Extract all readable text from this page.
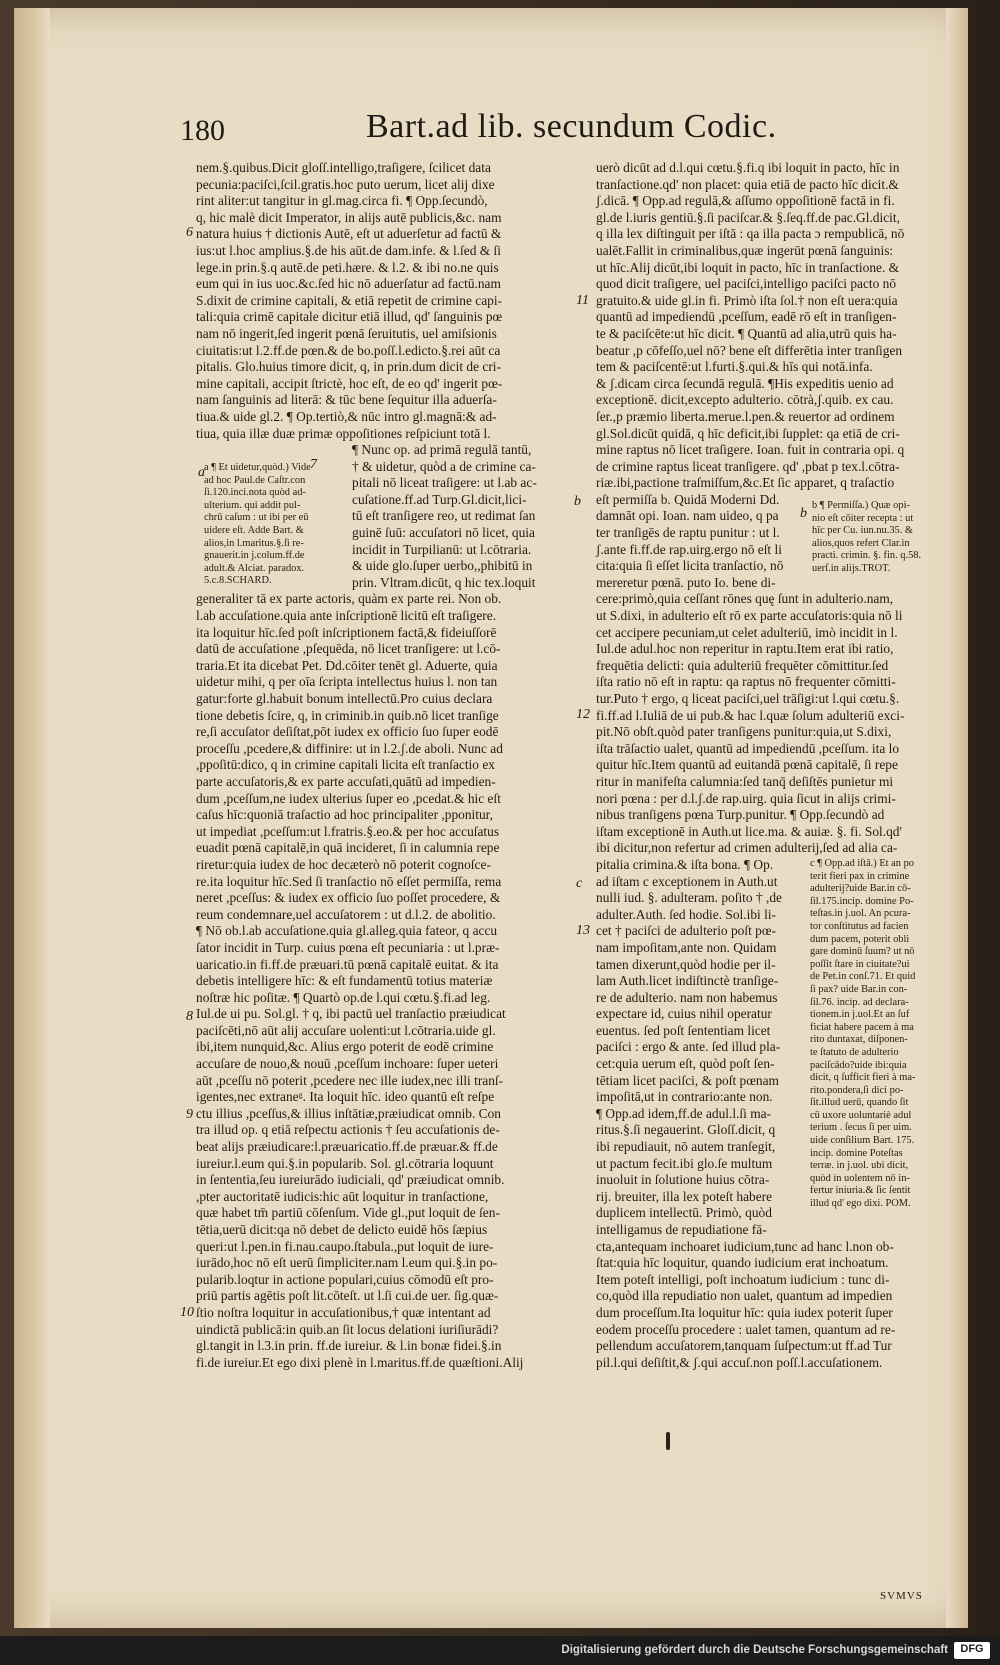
180	Bart.ad lib. secundum Codic.

nem.§.quibus.Dicit gloſſ.intelligo,traſigere, ſcilicet data

pecunia:paciſci,ſcil.gratis.hoc puto uerum, licet alij dixe

rint aliter:ut tangitur in gl.mag.circa fi. ¶ Opp.ſecundò,

q, hic malè dicit Imperator, in alijs autē publicis,&c. nam

natura huius † dictionis Autē, eſt ut aduerſetur ad factū &

ius:ut l.hoc amplius.§.de his aūt.de dam.infe. & l.ſed & ſi

lege.in prin.§.q autē.de peti.hære. & l.2. & ibi no.ne quis

eum qui in ius uoc.&c.ſed hic nō aduerſatur ad factū.nam

S.dixit de crimine capitali, & etiā repetit de crimine capi-

tali:quia crimē capitale dicitur etiā illud, qd' ſanguinis pœ

nam nō ingerit,ſed ingerit pœnā ſeruitutis, uel amiſsionis

ciuitatis:ut l.2.ff.de pœn.& de bo.poſſ.l.edicto.§.rei aūt ca

pitalis. Glo.huius timore dicit, q, in prin.dum dicit de cri-

mine capitali, accipit ſtrictè, hoc eſt, de eo qd' ingerit pœ-

nam ſanguinis ad literā: & tūc bene ſequitur illa aduerſa-

tiua.& uide gl.2. ¶ Op.tertiò,& nūc intro gl.magnā:& ad-

tiua, quia illæ duæ primæ oppoſitiones reſpiciunt totā l.

¶ Nunc op. ad primā regulā tantū,

† & uidetur, quòd a de crimine ca-

pitali nō liceat traſigere: ut l.ab ac-

cuſatione.ff.ad Turp.Gl.dicit,lici-

tū eſt tranſigere reo, ut redimat ſan

guinē ſuū: accuſatori nō licet, quia

incidit in Turpilianū: ut l.cōtraria.

& uide glo.ſuper uerbo,,phibitū in

prin. Vltram.dicūt, q hic tex.loquit

generaliter tā ex parte actoris, quàm ex parte rei. Non ob.

l.ab accuſatione.quia ante inſcriptionē licitū eſt traſigere.

ita loquitur hīc.ſed poſt inſcriptionem factā,& fideiuſſorē

datū de accuſatione ,pſequēda, nō licet tranſigere: ut l.cō-

traria.Et ita dicebat Pet. Dd.cōiter tenēt gl. Aduerte, quia

uidetur mihi, q per oīa ſcripta intellectus huius l. non tan

gatur:forte gl.habuit bonum intellectū.Pro cuius declara

tione debetis ſcire, q, in criminib.in quib.nō licet tranſige

re,ſi accuſator deſiſtat,pōt iudex ex officio ſuo ſuper eodē

proceſſu ,pcedere,& diffinire: ut in l.2.ʃ.de aboli. Nunc ad

,ppoſitū:dico, q in crimine capitali licita eſt tranſactio ex

parte accuſatoris,& ex parte accuſati,quātū ad impedien-

dum ,pceſſum,ne iudex ulterius ſuper eo ,pcedat.& hic eſt

caſus hīc:quoniā traſactio ad hoc principaliter ,pponitur,

ut impediat ,pceſſum:ut l.fratris.§.eo.& per hoc accuſatus

euadit pœnā capitalē,in quā incideret, ſi in calumnia repe

riretur:quia iudex de hoc decæterò nō poterit cognoſce-

re.ita loquitur hīc.Sed ſi tranſactio nō eſſet permiſſa, rema

neret ,pceſſus: & iudex ex officio ſuo poſſet procedere, &

reum condemnare,uel accuſatorem : ut d.l.2. de abolitio.

¶ Nō ob.l.ab accuſatione.quia gl.alleg.quia fateor, q accu

ſator incidit in Turp. cuius pœna eſt pecuniaria : ut l.præ-

uaricatio.in fi.ff.de præuari.tū pœnā capitalē euitat. & ita

debetis intelligere hīc: & eſt fundamentū totius materiæ

noſtræ hic poſitæ. ¶ Quartò op.de l.qui cœtu.§.fi.ad leg.

Iul.de ui pu. Sol.gl. † q, ibi pactū uel tranſactio præiudicat

paciſcēti,nō aūt alij accuſare uolenti:ut l.cōtraria.uide gl.

ibi,item nunquid,&c. Alius ergo poterit de eodē crimine

accuſare de nouo,& nouū ,pceſſum inchoare: ſuper ueteri

aūt ,pceſſu nō poterit ,pcedere nec ille iudex,nec illi tranſ-

igentes,nec extraneᵍ. Ita loquit hīc. ideo quantū eſt reſpe

ctu illius ,pceſſus,& illius inſtātiæ,præiudicat omnib. Con

tra illud op. q etiā reſpectu actionis † ſeu accuſationis de-

beat alijs præiudicare:l.præuaricatio.ff.de præuar.& ff.de

iureiur.l.eum qui.§.in popularib. Sol. gl.cōtraria loquunt

in ſententia,ſeu iureiurādo iudiciali, qd' præiudicat omnib.

,pter auctoritatē iudicis:hic aūt loquitur in tranſactione,

quæ habet tm̄ partiū cōſenſum. Vide gl.,put loquit de ſen-

tētia,uerū dicit:qa nō debet de delicto euidē hōs ſæpius

queri:ut l.pen.in fi.nau.caupo.ſtabula.,put loquit de iure-

iurādo,hoc nō eſt uerū ſimpliciter.nam l.eum qui.§.in po-

pularib.loqtur in actione populari,cuius cōmodū eſt pro-

priū partis agētis poſt lit.cōteſt. ut l.ſi cui.de uer. ſig.quæ-

ſtio noſtra loquitur in accuſationibus,† quæ intentant ad

uindictā publicā:in quib.an ſit locus delationi iuriſiurādi?

gl.tangit in l.3.in prin. ff.de iureiur. & l.in bonæ fidei.§.in

fi.de iureiur.Et ego dixi plenè in l.maritus.ff.de quæſtioni.Alij

uerò dicūt ad d.l.qui cœtu.§.fi.q ibi loquit in pacto, hīc in

tranſactione.qd' non placet: quia etiā de pacto hīc dicit.&

ʃ.dicā. ¶ Opp.ad regulā,& aſſumo oppoſitionē factā in fi.

gl.de l.iuris gentiū.§.ſi paciſcar.& §.ſeq.ff.de pac.Gl.dicit,

q illa lex diſtinguit per iſtā : qa illa pacta ɔ rempublicā, nō

ualēt.Fallit in criminalibus,quæ ingerūt pœnā ſanguinis:

ut hīc.Alij dicūt,ibi loquit in pacto, hīc in tranſactione. &

quod dicit traſigere, uel paciſci,intelligo paciſci pacto nō

gratuito.& uide gl.in fi. Primò iſta ſol.† non eſt uera:quia

quantū ad impediendū ,pceſſum, eadē rō eſt in tranſigen-

te & paciſcēte:ut hīc dicit. ¶ Quantū ad alia,utrū quis ha-

beatur ,p cōfeſſo,uel nō? bene eſt differētia inter tranſigen

tem & paciſcentē:ut l.furti.§.qui.& hīs qui notā.infa.

& ʃ.dicam circa ſecundā regulā. ¶His expeditis uenio ad

exceptionē. dicit,excepto adulterio. cōtrà,ʃ.quib. ex cau.

ſer.,p præmio liberta.merue.l.pen.& reuertor ad ordinem

gl.Sol.dicūt quidā, q hīc deficit,ibi ſupplet: qa etiā de cri-

mine raptus nō licet traſigere. Ioan. fuit in contraria opi. q

de crimine raptus liceat tranſigere. qd' ,pbat p tex.l.cōtra-

riæ.ibi,pactione traſmiſſum,&c.Et ſic apparet, q traſactio

eſt permiſſa b. Quidā Moderni Dd.

damnāt opi. Ioan. nam uideo, q pa

ter tranſigēs de raptu punitur : ut l.

ʃ.ante fi.ff.de rap.uirg.ergo nō eſt li

cita:quia ſi eſſet licita tranſactio, nō

mereretur pœnā. puto Io. bene di-

cere:primò,quia ceſſant rōnes quę ſunt in adulterio.nam,

ut S.dixi, in adulterio eſt rō ex parte accuſatoris:quia nō li

cet accipere pecuniam,ut celet adulteriū, imò incidit in l.

Iul.de adul.hoc non reperitur in raptu.Item erat ibi ratio,

frequētia delicti: quia adulteriū frequēter cōmittitur.ſed

iſta ratio nō eſt in raptu: qa raptus nō frequenter cōmitti-

tur.Puto † ergo, q liceat paciſci,uel trāſigi:ut l.qui cœtu.§.

fi.ff.ad l.Iuliā de ui pub.& hac l.quæ ſolum adulteriū exci-

pit.Nō obſt.quòd pater tranſigens punitur:quia,ut S.dixi,

iſta trāſactio ualet, quantū ad impediendū ,pceſſum. ita lo

quitur hīc.Item quantū ad euitandā pœnā capitalē, ſi repe

ritur in manifeſta calumnia:ſed tanq̄ deſiſtēs punietur mi

nori pœna : per d.l.ʃ.de rap.uirg. quia ſicut in alijs crimi-

nibus tranſigens pœna Turp.punitur. ¶ Opp.ſecundò ad

iſtam exceptionē in Auth.ut lice.ma. & auiæ. §. fi. Sol.qd'

ibi dicitur,non refertur ad crimen adulterij,ſed ad alia ca-

pitalia crimina.& iſta bona. ¶ Op.

ad iſtam c exceptionem in Auth.ut

nulli iud. §. adulteram. poſito † ,de

adulter.Auth. ſed hodie. Sol.ibi li-

cet † paciſci de adulterio poſt pœ-

nam impoſitam,ante non. Quidam

tamen dixerunt,quòd hodie per il-

lam Auth.licet indiſtinctè tranſige-

re de adulterio. nam non habemus

expectare id, cuius nihil operatur

euentus. ſed poſt ſententiam licet

paciſci : ergo & ante. ſed illud pla-

cet:quia uerum eſt, quòd poſt ſen-

tētiam licet paciſci, & poſt pœnam

impoſitā,ut in contrario:ante non.

¶ Opp.ad idem,ff.de adul.l.ſi ma-

ritus.§.ſi negauerint. Gloſſ.dicit, q

ibi repudiauit, nō autem tranſegit,

ut pactum fecit.ibi glo.ſe multum

inuoluit in ſolutione huius cōtra-

rij. breuiter, illa lex poteſt habere

duplicem intellectū. Primò, quòd

intelligamus de repudiatione fā-

cta,antequam inchoaret iudicium,tunc ad hanc l.non ob-

ſtat:quia hīc loquitur, quando iudicium erat inchoatum.

Item poteſt intelligi, poſt inchoatum iudicium : tunc di-

co,quòd illa repudiatio non ualet, quantum ad impedien

dum proceſſum.Ita loquitur hīc: quia iudex poterit ſuper

eodem proceſſu procedere : ualet tamen, quantum ad re-

pellendum accuſatorem,tanquam ſuſpectum:ut ff.ad Tur

pil.l.qui deſiſtit,& ʃ.qui accuſ.non poſſ.l.accuſationem.

6
7
8
9
10
11
12
13
a
b
b
c

a ¶ Et uidetur,quòd.) Vide

ad hoc Paul.de Caſtr.con

ſi.120.inci.nota quòd ad-

ulterium. qui addit pul-

chrū caſum : ut ibi per eū

uidere eſt. Adde Bart. &

alios,in l.maritus.§.ſi re-

gnauerit.in j.colum.ff.de

adult.& Alciat. paradox.

5.c.8.SCHARD.

b ¶ Permiſſa.) Quæ opi-

nio eſt cōiter recepta : ut

hīc per Cu. iun.nu.35. &

alios,quos refert Clar.in

practi. crimin. §. fin. q.58.

uerſ.in alijs.TROT.

c ¶ Opp.ad iſtā.) Et an po

terit fieri pax in crimine

adulterij?uide Bar.in cō-

ſil.175.incip. domine Po-

teſtas.in j.uol. An pcura-

tor conſtitutus ad facien

dum pacem, poterit obli

gare dominū ſuum? ut nō

poſſit ſtare in ciuitate?ui

de Pet.in conſ.71. Et quid

ſi pax? uide Bar.in con-

ſil.76. incip. ad declara-

tionem.in j.uol.Et an ſuf

ficiat habere pacem à ma

rito duntaxat, diſponen-

te ſtatuto de adulterio

paciſcādo?uide ibi:quia

dicit, q ſufficit fieri à ma-

rito.pondera,ſi dici po-

ſit.illud uerū, quando ſit

cū uxore uoluntariè adul

terium . ſecus ſi per uim.

uide conſilium Bart. 175.

incip. domine Poteſtas

terræ. in j.uol. ubi dicit,

quòd in uolentem nō in-

fertur iniuria.& ſic ſentit

illud qd' ego dixi. POM.

SVMVS
Digitalisierung gefördert durch die Deutsche Forschungsgemeinschaft	DFG
